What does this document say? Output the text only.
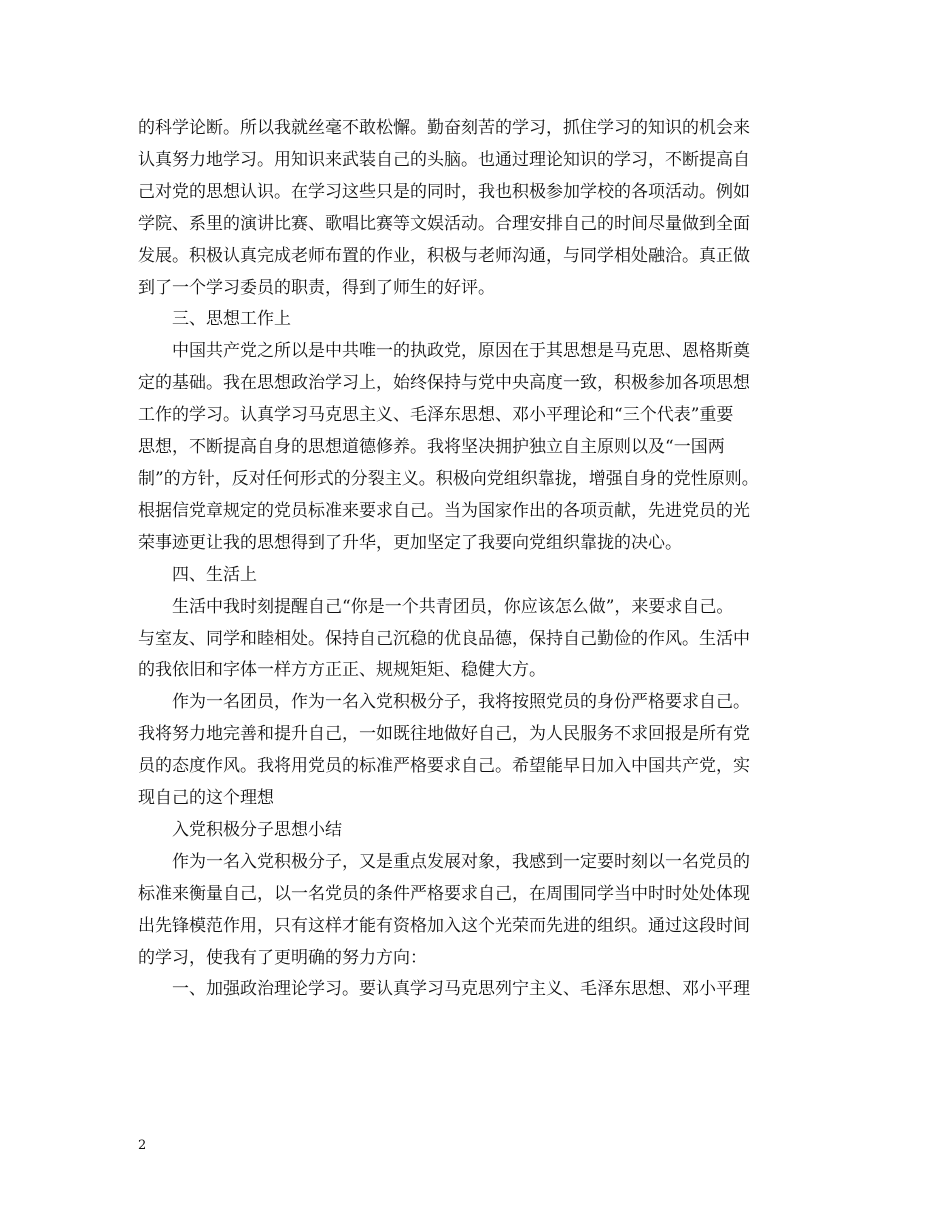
的科学论断。所以我就丝毫不敢松懈。勤奋刻苦的学习，抓住学习的知识的机会来
认真努力地学习。用知识来武装自己的头脑。也通过理论知识的学习，不断提高自
己对党的思想认识。在学习这些只是的同时，我也积极参加学校的各项活动。例如
学院、系里的演讲比赛、歌唱比赛等文娱活动。合理安排自己的时间尽量做到全面
发展。积极认真完成老师布置的作业，积极与老师沟通，与同学相处融洽。真正做
到了一个学习委员的职责，得到了师生的好评。
三、思想工作上
中国共产党之所以是中共唯一的执政党，原因在于其思想是马克思、恩格斯奠
定的基础。我在思想政治学习上，始终保持与党中央高度一致，积极参加各项思想
工作的学习。认真学习马克思主义、毛泽东思想、邓小平理论和“三个代表”重要
思想，不断提高自身的思想道德修养。我将坚决拥护独立自主原则以及“一国两
制”的方针，反对任何形式的分裂主义。积极向党组织靠拢，增强自身的党性原则。
根据信党章规定的党员标准来要求自己。当为国家作出的各项贡献，先进党员的光
荣事迹更让我的思想得到了升华，更加坚定了我要向党组织靠拢的决心。
四、生活上
生活中我时刻提醒自己“你是一个共青团员，你应该怎么做”，来要求自己。
与室友、同学和睦相处。保持自己沉稳的优良品德，保持自己勤俭的作风。生活中
的我依旧和字体一样方方正正、规规矩矩、稳健大方。
作为一名团员，作为一名入党积极分子，我将按照党员的身份严格要求自己。
我将努力地完善和提升自己，一如既往地做好自己，为人民服务不求回报是所有党
员的态度作风。我将用党员的标准严格要求自己。希望能早日加入中国共产党，实
现自己的这个理想
入党积极分子思想小结
作为一名入党积极分子，又是重点发展对象，我感到一定要时刻以一名党员的
标准来衡量自己，以一名党员的条件严格要求自己，在周围同学当中时时处处体现
出先锋模范作用，只有这样才能有资格加入这个光荣而先进的组织。通过这段时间
的学习，使我有了更明确的努力方向：
一、加强政治理论学习。要认真学习马克思列宁主义、毛泽东思想、邓小平理

2
